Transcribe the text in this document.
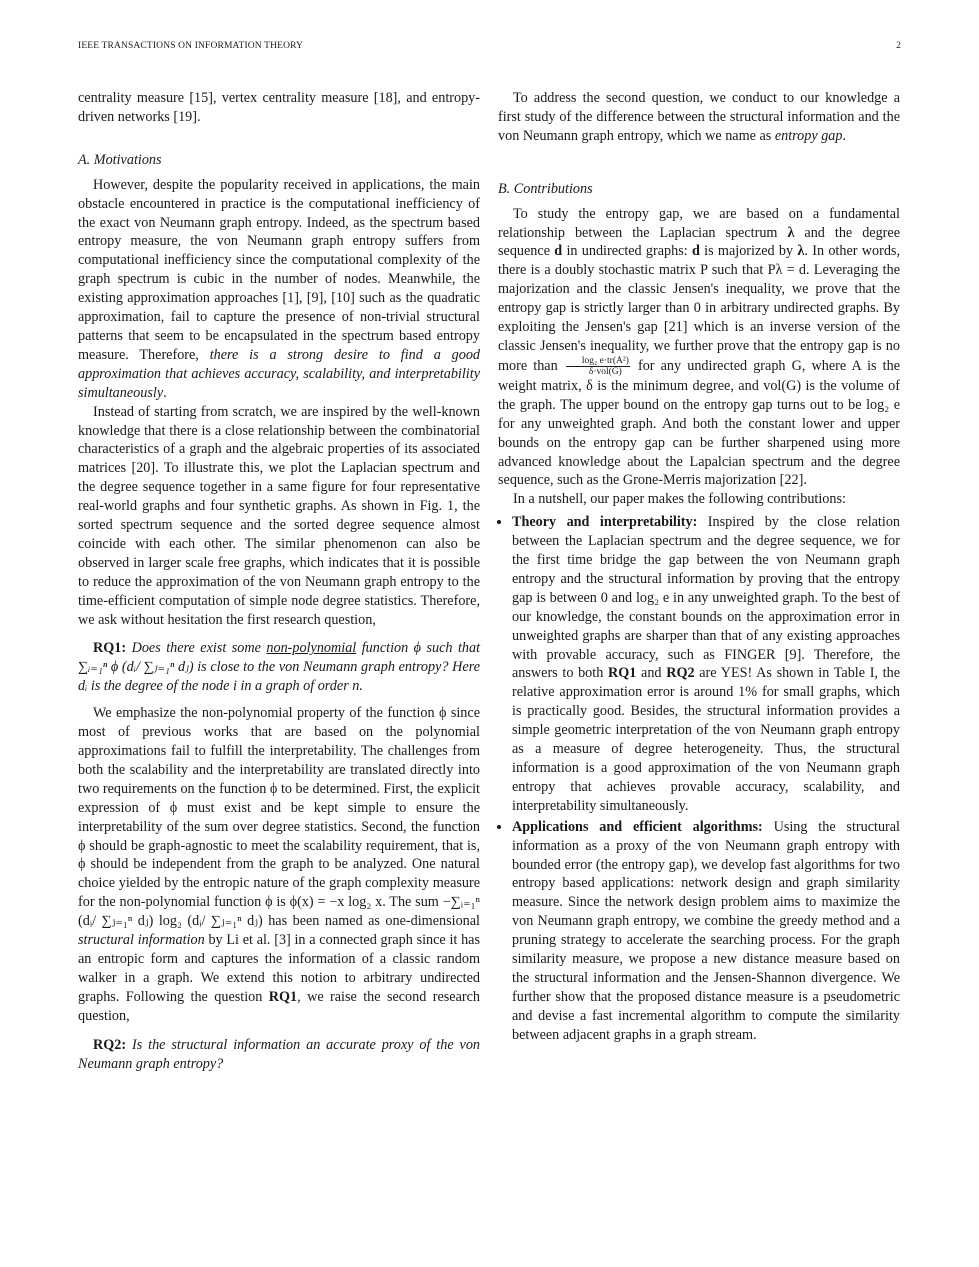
IEEE TRANSACTIONS ON INFORMATION THEORY	2

centrality measure [15], vertex centrality measure [18], and entropy-driven networks [19].

A. Motivations

However, despite the popularity received in applications, the main obstacle encountered in practice is the computational inefficiency of the exact von Neumann graph entropy. Indeed, as the spectrum based entropy measure, the von Neumann graph entropy suffers from computational inefficiency since the computational complexity of the graph spectrum is cubic in the number of nodes. Meanwhile, the existing approximation approaches [1], [9], [10] such as the quadratic approximation, fail to capture the presence of non-trivial structural patterns that seem to be encapsulated in the spectrum based entropy measure. Therefore, there is a strong desire to find a good approximation that achieves accuracy, scalability, and interpretability simultaneously.

Instead of starting from scratch, we are inspired by the well-known knowledge that there is a close relationship between the combinatorial characteristics of a graph and the algebraic properties of its associated matrices [20]. To illustrate this, we plot the Laplacian spectrum and the degree sequence together in a same figure for four representative real-world graphs and four synthetic graphs. As shown in Fig. 1, the sorted spectrum sequence and the sorted degree sequence almost coincide with each other. The similar phenomenon can also be observed in larger scale free graphs, which indicates that it is possible to reduce the approximation of the von Neumann graph entropy to the time-efficient computation of simple node degree statistics. Therefore, we ask without hesitation the first research question,

RQ1: Does there exist some non-polynomial function ϕ such that ∑ᵢ₌₁ⁿ ϕ (dᵢ/ ∑ⱼ₌₁ⁿ dⱼ) is close to the von Neumann graph entropy? Here dᵢ is the degree of the node i in a graph of order n.

We emphasize the non-polynomial property of the function ϕ since most of previous works that are based on the polynomial approximations fail to fulfill the interpretability. The challenges from both the scalability and the interpretability are translated directly into two requirements on the function ϕ to be determined. First, the explicit expression of ϕ must exist and be kept simple to ensure the interpretability of the sum over degree statistics. Second, the function ϕ should be graph-agnostic to meet the scalability requirement, that is, ϕ should be independent from the graph to be analyzed. One natural choice yielded by the entropic nature of the graph complexity measure for the non-polynomial function ϕ is ϕ(x) = −x log₂ x. The sum −∑ᵢ₌₁ⁿ (dᵢ/ ∑ⱼ₌₁ⁿ dⱼ) log₂ (dᵢ/ ∑ⱼ₌₁ⁿ dⱼ) has been named as one-dimensional structural information by Li et al. [3] in a connected graph since it has an entropic form and captures the information of a classic random walker in a graph. We extend this notion to arbitrary undirected graphs. Following the question RQ1, we raise the second research question,

RQ2: Is the structural information an accurate proxy of the von Neumann graph entropy?

To address the second question, we conduct to our knowledge a first study of the difference between the structural information and the von Neumann graph entropy, which we name as entropy gap.

B. Contributions

To study the entropy gap, we are based on a fundamental relationship between the Laplacian spectrum λ and the degree sequence d in undirected graphs: d is majorized by λ. In other words, there is a doubly stochastic matrix P such that Pλ = d. Leveraging the majorization and the classic Jensen's inequality, we prove that the entropy gap is strictly larger than 0 in arbitrary undirected graphs. By exploiting the Jensen's gap [21] which is an inverse version of the classic Jensen's inequality, we further prove that the entropy gap is no more than $\frac{\text{log₂ e·tr(A²)}}{\text{δ·vol(G)}}$ for any undirected graph G, where A is the weight matrix, δ is the minimum degree, and vol(G) is the volume of the graph. The upper bound on the entropy gap turns out to be log₂ e for any unweighted graph. And both the constant lower and upper bounds on the entropy gap can be further sharpened using more advanced knowledge about the Lapalcian spectrum and the degree sequence, such as the Grone-Merris majorization [22].

In a nutshell, our paper makes the following contributions:

• Theory and interpretability: Inspired by the close relation between the Laplacian spectrum and the degree sequence, we for the first time bridge the gap between the von Neumann graph entropy and the structural information by proving that the entropy gap is between 0 and log₂ e in any unweighted graph. To the best of our knowledge, the constant bounds on the approximation error in unweighted graphs are sharper than that of any existing approaches with provable accuracy, such as FINGER [9]. Therefore, the answers to both RQ1 and RQ2 are YES! As shown in Table I, the relative approximation error is around 1% for small graphs, which is practically good. Besides, the structural information provides a simple geometric interpretation of the von Neumann graph entropy as a measure of degree heterogeneity. Thus, the structural information is a good approximation of the von Neumann graph entropy that achieves provable accuracy, scalability, and interpretability simultaneously.
• Applications and efficient algorithms: Using the structural information as a proxy of the von Neumann graph entropy with bounded error (the entropy gap), we develop fast algorithms for two entropy based applications: network design and graph similarity measure. Since the network design problem aims to maximize the von Neumann graph entropy, we combine the greedy method and a pruning strategy to accelerate the searching process. For the graph similarity measure, we propose a new distance measure based on the structural information and the Jensen-Shannon divergence. We further show that the proposed distance measure is a pseudometric and devise a fast incremental algorithm to compute the similarity between adjacent graphs in a graph stream.
